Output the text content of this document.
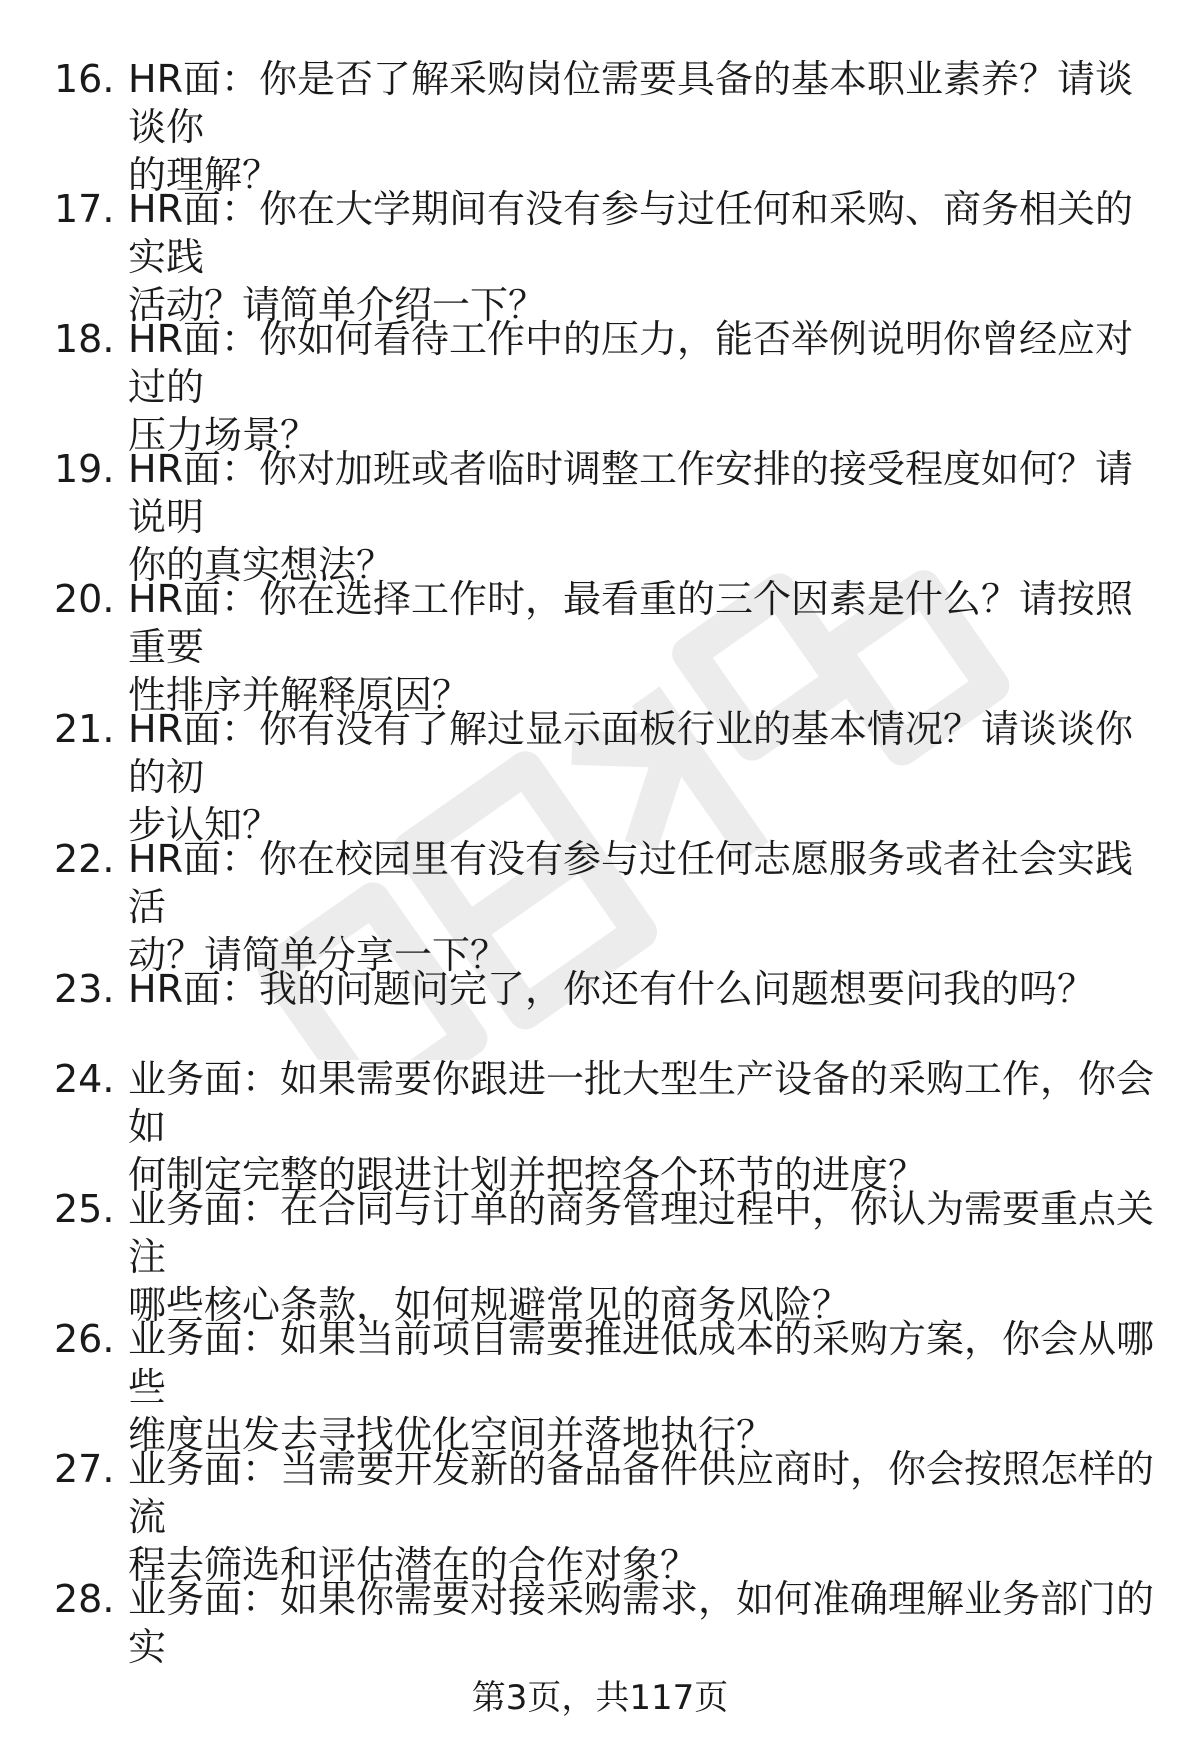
16. HR面：你是否了解采购岗位需要具备的基本职业素养？请谈谈你
的理解？
17. HR面：你在大学期间有没有参与过任何和采购、商务相关的实践
活动？请简单介绍一下？
18. HR面：你如何看待工作中的压力，能否举例说明你曾经应对过的
压力场景？
19. HR面：你对加班或者临时调整工作安排的接受程度如何？请说明
你的真实想法？
20. HR面：你在选择工作时，最看重的三个因素是什么？请按照重要
性排序并解释原因？
21. HR面：你有没有了解过显示面板行业的基本情况？请谈谈你的初
步认知？
22. HR面：你在校园里有没有参与过任何志愿服务或者社会实践活
动？请简单分享一下？
23. HR面：我的问题问完了，你还有什么问题想要问我的吗？
24. 业务面：如果需要你跟进一批大型生产设备的采购工作，你会如
何制定完整的跟进计划并把控各个环节的进度？
25. 业务面：在合同与订单的商务管理过程中，你认为需要重点关注
哪些核心条款，如何规避常见的商务风险？
26. 业务面：如果当前项目需要推进低成本的采购方案，你会从哪些
维度出发去寻找优化空间并落地执行？
27. 业务面：当需要开发新的备品备件供应商时，你会按照怎样的流
程去筛选和评估潜在的合作对象？
28. 业务面：如果你需要对接采购需求，如何准确理解业务部门的实
第3页，共117页
